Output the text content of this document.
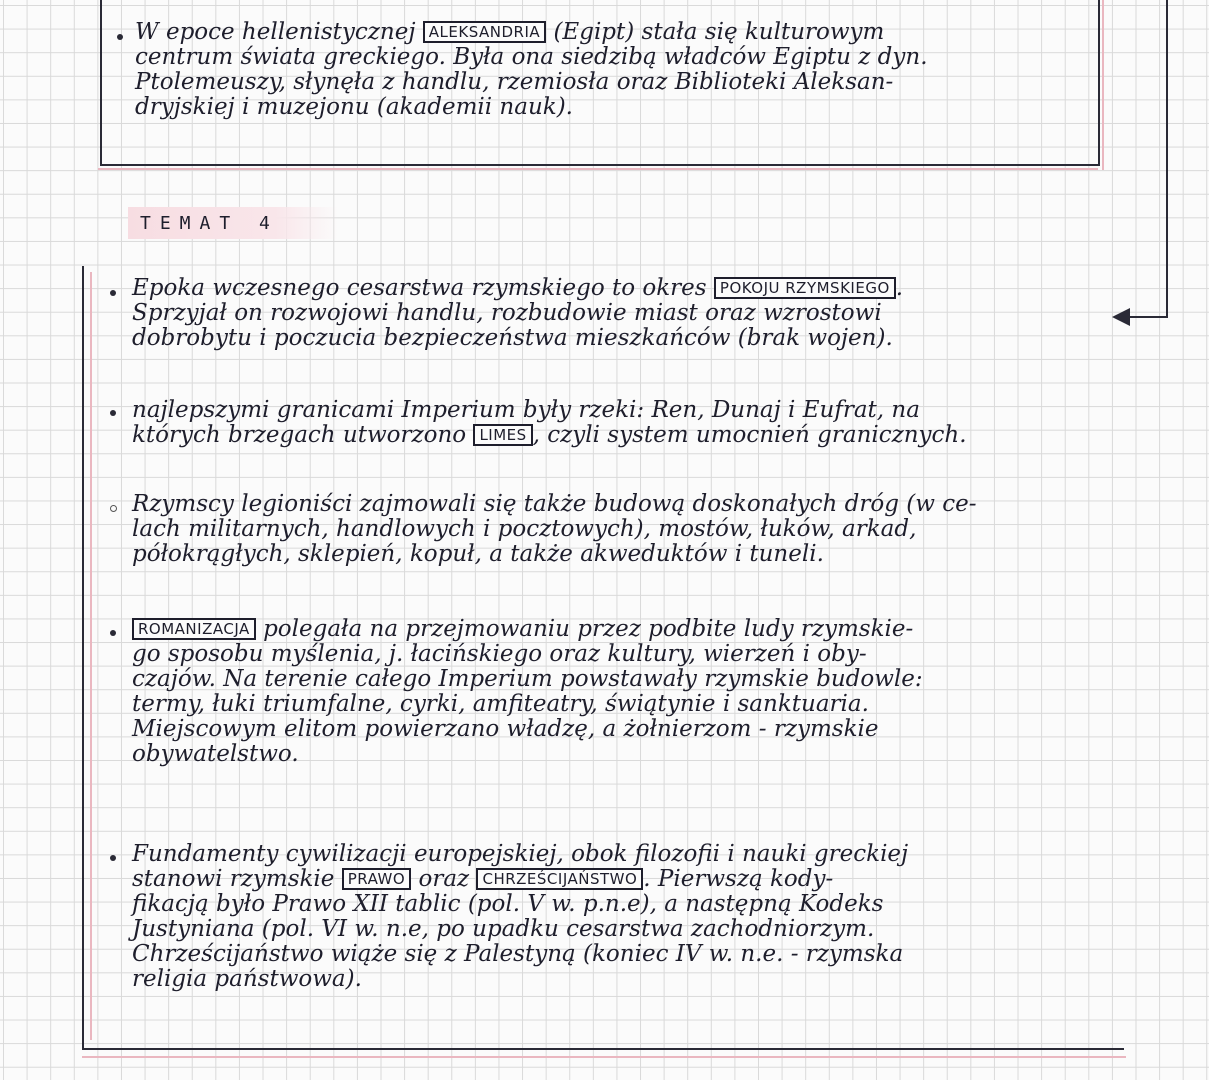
W epoce hellenistycznej ALEKSANDRIA (Egipt) stała się kulturowym
centrum świata greckiego. Była ona siedzibą władców Egiptu z dyn.
Ptolemeuszy, słynęła z handlu, rzemiosła oraz Biblioteki Aleksan-
dryjskiej i muzejonu (akademii nauk).
TEMAT 4
Epoka wczesnego cesarstwa rzymskiego to okres POKOJU RZYMSKIEGO .
Sprzyjał on rozwojowi handlu, rozbudowie miast oraz wzrostowi
dobrobytu i poczucia bezpieczeństwa mieszkańców (brak wojen).
najlepszymi granicami Imperium były rzeki: Ren, Dunaj i Eufrat, na
których brzegach utworzono LIMES , czyli system umocnień granicznych.
Rzymscy legioniści zajmowali się także budową doskonałych dróg (w ce-
lach militarnych, handlowych i pocztowych), mostów, łuków, arkad,
półokrągłych, sklepień, kopuł, a także akweduktów i tuneli.
ROMANIZACJA polegała na przejmowaniu przez podbite ludy rzymskie-
go sposobu myślenia, j. łacińskiego oraz kultury, wierzeń i oby-
czajów. Na terenie całego Imperium powstawały rzymskie budowle:
termy, łuki triumfalne, cyrki, amfiteatry, świątynie i sanktuaria.
Miejscowym elitom powierzano władzę, a żołnierzom - rzymskie
obywatelstwo.
Fundamenty cywilizacji europejskiej, obok filozofii i nauki greckiej
stanowi rzymskie PRAWO oraz CHRZEŚCIJAŃSTWO . Pierwszą kody-
fikacją było Prawo XII tablic (pol. V w. p.n.e), a następną Kodeks
Justyniana (pol. VI w. n.e, po upadku cesarstwa zachodniorzym.
Chrześcijaństwo wiąże się z Palestyną (koniec IV w. n.e. - rzymska
religia państwowa).
